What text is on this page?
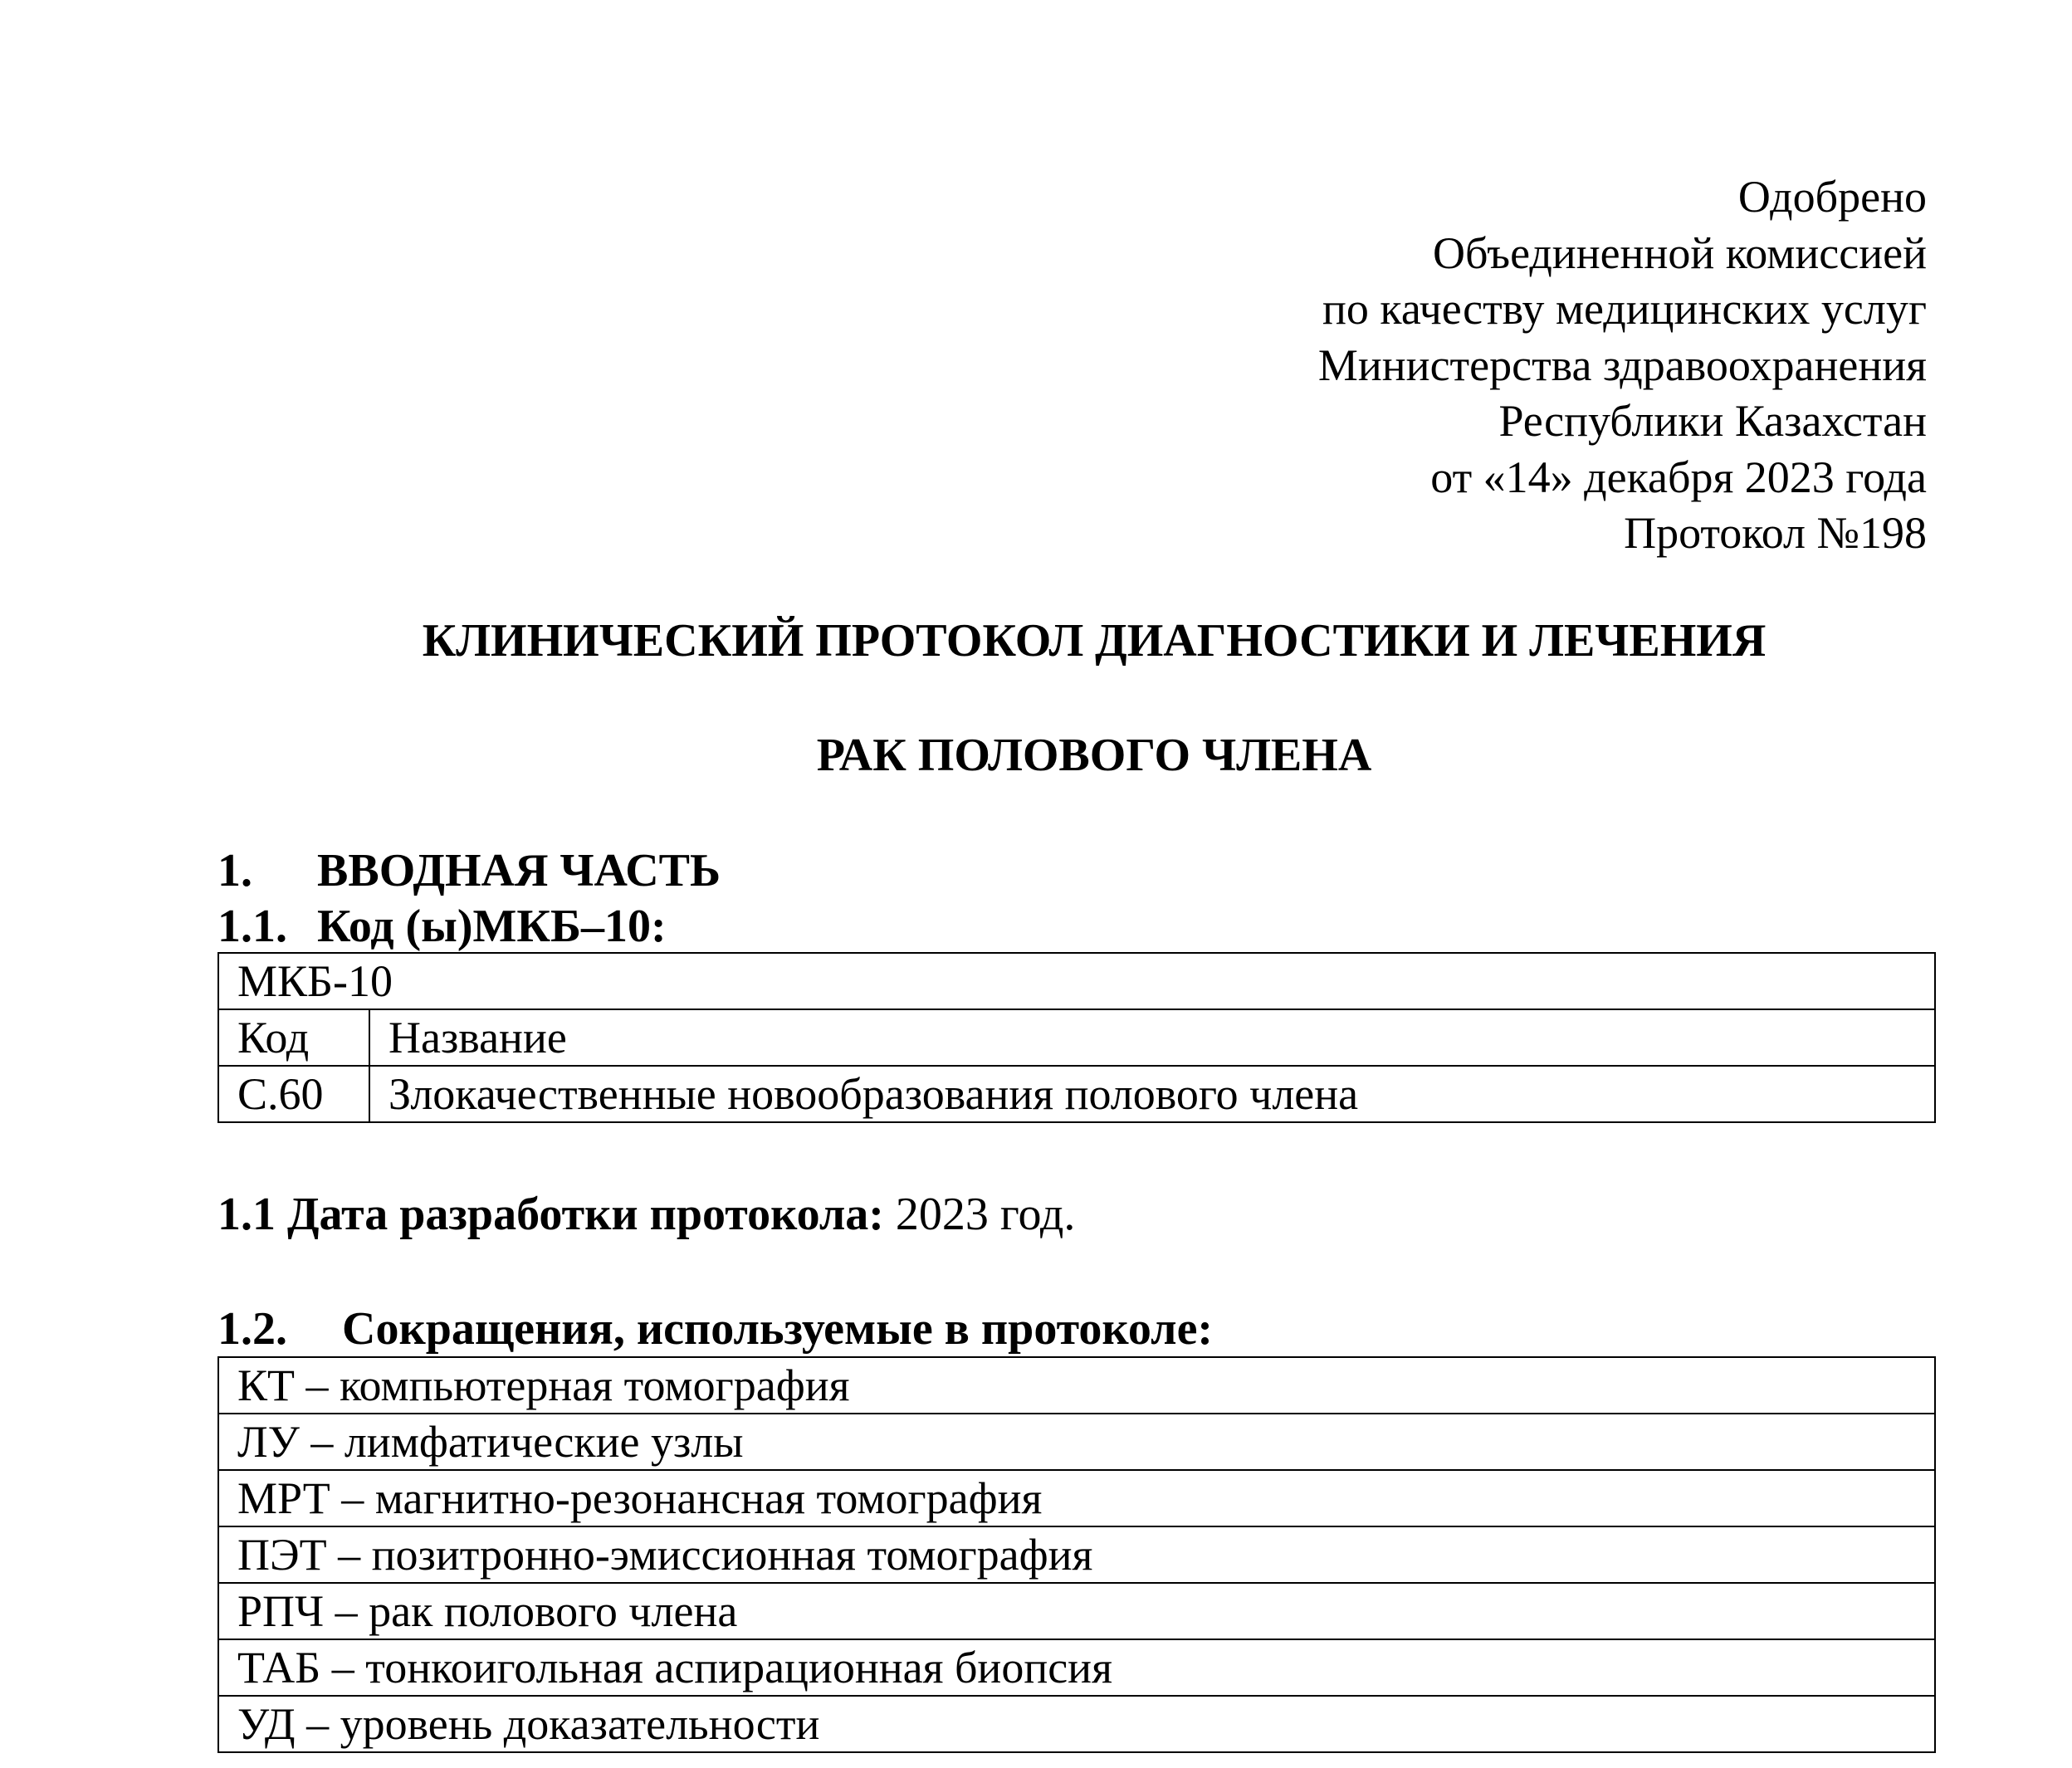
Одобрено
Объединенной комиссией
по качеству медицинских услуг
Министерства здравоохранения
Республики Казахстан
от «14» декабря 2023 года
Протокол №198
КЛИНИЧЕСКИЙ ПРОТОКОЛ ДИАГНОСТИКИ И ЛЕЧЕНИЯ
РАК ПОЛОВОГО ЧЛЕНА
1. ВВОДНАЯ ЧАСТЬ
1.1. Код (ы)МКБ–10:
МКБ-10	
Код	Название
С.60	Злокачественные новообразования полового члена
1.1 Дата разработки протокола: 2023 год.
1.2. Сокращения, используемые в протоколе:
КТ – компьютерная томография
ЛУ – лимфатические узлы
МРТ – магнитно-резонансная томография
ПЭТ – позитронно-эмиссионная томография
РПЧ – рак полового члена
ТАБ – тонкоигольная аспирационная биопсия
УД – уровень доказательности
